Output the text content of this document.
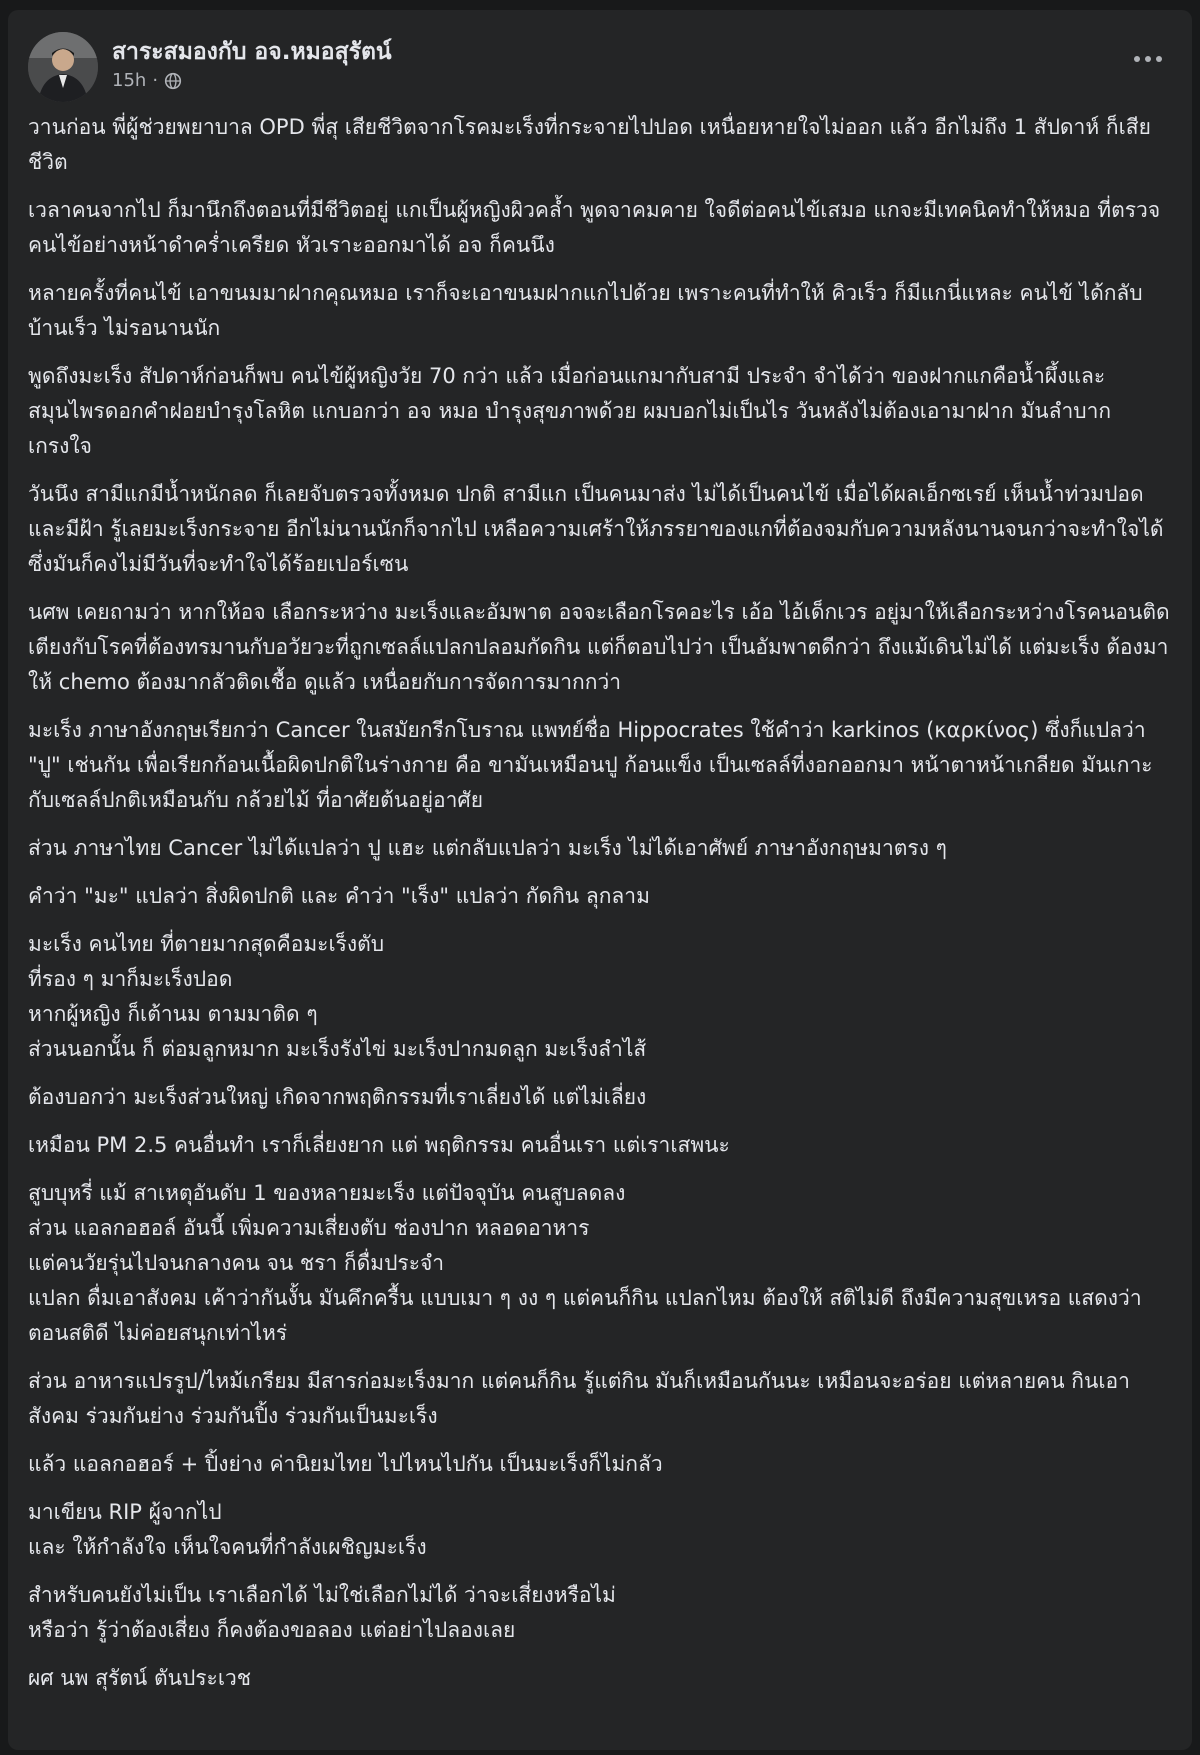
สาระสมองกับ อจ.หมอสุรัตน์
15h ·

วานก่อน พี่ผู้ช่วยพยาบาล OPD พี่สุ เสียชีวิตจากโรคมะเร็งที่กระจายไปปอด เหนื่อยหายใจไม่ออก แล้ว อีกไม่ถึง 1 สัปดาห์ ก็เสียชีวิต

เวลาคนจากไป ก็มานึกถึงตอนที่มีชีวิตอยู่ แกเป็นผู้หญิงผิวคล้ำ พูดจาคมคาย ใจดีต่อคนไข้เสมอ แกจะมีเทคนิคทำให้หมอ ที่ตรวจคนไข้อย่างหน้าดำคร่ำเครียด หัวเราะออกมาได้ อจ ก็คนนึง

หลายครั้งที่คนไข้ เอาขนมมาฝากคุณหมอ เราก็จะเอาขนมฝากแกไปด้วย เพราะคนที่ทำให้ คิวเร็ว ก็มีแกนี่แหละ คนไข้ ได้กลับบ้านเร็ว ไม่รอนานนัก

พูดถึงมะเร็ง สัปดาห์ก่อนก็พบ คนไข้ผู้หญิงวัย 70 กว่า แล้ว เมื่อก่อนแกมากับสามี ประจำ จำได้ว่า ของฝากแกคือน้ำผึ้งและสมุนไพรดอกคำฝอยบำรุงโลหิต แกบอกว่า อจ หมอ บำรุงสุขภาพด้วย ผมบอกไม่เป็นไร วันหลังไม่ต้องเอามาฝาก มันลำบาก เกรงใจ

วันนึง สามีแกมีน้ำหนักลด ก็เลยจับตรวจทั้งหมด ปกติ สามีแก เป็นคนมาส่ง ไม่ได้เป็นคนไข้ เมื่อได้ผลเอ็กซเรย์ เห็นน้ำท่วมปอด และมีฝ้า รู้เลยมะเร็งกระจาย อีกไม่นานนักก็จากไป เหลือความเศร้าให้ภรรยาของแกที่ต้องจมกับความหลังนานจนกว่าจะทำใจได้ ซึ่งมันก็คงไม่มีวันที่จะทำใจได้ร้อยเปอร์เซน

นศพ เคยถามว่า หากให้อจ เลือกระหว่าง มะเร็งและอัมพาต อจจะเลือกโรคอะไร เอ้อ ไอ้เด็กเวร อยู่มาให้เลือกระหว่างโรคนอนติดเตียงกับโรคที่ต้องทรมานกับอวัยวะที่ถูกเซลล์แปลกปลอมกัดกิน แต่ก็ตอบไปว่า เป็นอัมพาตดีกว่า ถึงแม้เดินไม่ได้ แต่มะเร็ง ต้องมาให้ chemo ต้องมากลัวติดเชื้อ ดูแล้ว เหนื่อยกับการจัดการมากกว่า

มะเร็ง ภาษาอังกฤษเรียกว่า Cancer ในสมัยกรีกโบราณ แพทย์ชื่อ Hippocrates ใช้คำว่า karkinos (καρκίνος) ซึ่งก็แปลว่า "ปู" เช่นกัน เพื่อเรียกก้อนเนื้อผิดปกติในร่างกาย คือ ขามันเหมือนปู ก้อนแข็ง เป็นเซลล์ที่งอกออกมา หน้าตาหน้าเกลียด มันเกาะกับเซลล์ปกติเหมือนกับ กล้วยไม้ ที่อาศัยต้นอยู่อาศัย

ส่วน ภาษาไทย Cancer ไม่ได้แปลว่า ปู แฮะ แต่กลับแปลว่า มะเร็ง ไม่ได้เอาศัพย์ ภาษาอังกฤษมาตรง ๆ

คำว่า "มะ" แปลว่า สิ่งผิดปกติ และ คำว่า "เร็ง" แปลว่า กัดกิน ลุกลาม

มะเร็ง คนไทย ที่ตายมากสุดคือมะเร็งตับ
ที่รอง ๆ มาก็มะเร็งปอด
หากผู้หญิง ก็เต้านม ตามมาติด ๆ
ส่วนนอกนั้น ก็ ต่อมลูกหมาก มะเร็งรังไข่ มะเร็งปากมดลูก มะเร็งลำไส้

ต้องบอกว่า มะเร็งส่วนใหญ่ เกิดจากพฤติกรรมที่เราเลี่ยงได้ แต่ไม่เลี่ยง

เหมือน PM 2.5 คนอื่นทำ เราก็เลี่ยงยาก แต่ พฤติกรรม คนอื่นเรา แต่เราเสพนะ

สูบบุหรี่ แม้ สาเหตุอันดับ 1 ของหลายมะเร็ง แต่ปัจจุบัน คนสูบลดลง
ส่วน แอลกอฮอล์ อันนี้ เพิ่มความเสี่ยงตับ ช่องปาก หลอดอาหาร
แต่คนวัยรุ่นไปจนกลางคน จน ชรา ก็ดื่มประจำ
แปลก ดื่มเอาสังคม เค้าว่ากันงั้น มันคึกครื้น แบบเมา ๆ งง ๆ แต่คนก็กิน แปลกไหม ต้องให้ สติไม่ดี ถึงมีความสุขเหรอ แสดงว่า ตอนสติดี ไม่ค่อยสนุกเท่าไหร่

ส่วน อาหารแปรรูป/ไหม้เกรียม มีสารก่อมะเร็งมาก แต่คนก็กิน รู้แต่กิน มันก็เหมือนกันนะ เหมือนจะอร่อย แต่หลายคน กินเอาสังคม ร่วมกันย่าง ร่วมกันปิ้ง ร่วมกันเป็นมะเร็ง

แล้ว แอลกอฮอร์ + ปิ้งย่าง ค่านิยมไทย ไปไหนไปกัน เป็นมะเร็งก็ไม่กลัว

มาเขียน RIP ผู้จากไป
และ ให้กำลังใจ เห็นใจคนที่กำลังเผชิญมะเร็ง

สำหรับคนยังไม่เป็น เราเลือกได้ ไม่ใช่เลือกไม่ได้ ว่าจะเสี่ยงหรือไม่
หรือว่า รู้ว่าต้องเสี่ยง ก็คงต้องขอลอง แต่อย่าไปลองเลย

ผศ นพ สุรัตน์ ตันประเวช
